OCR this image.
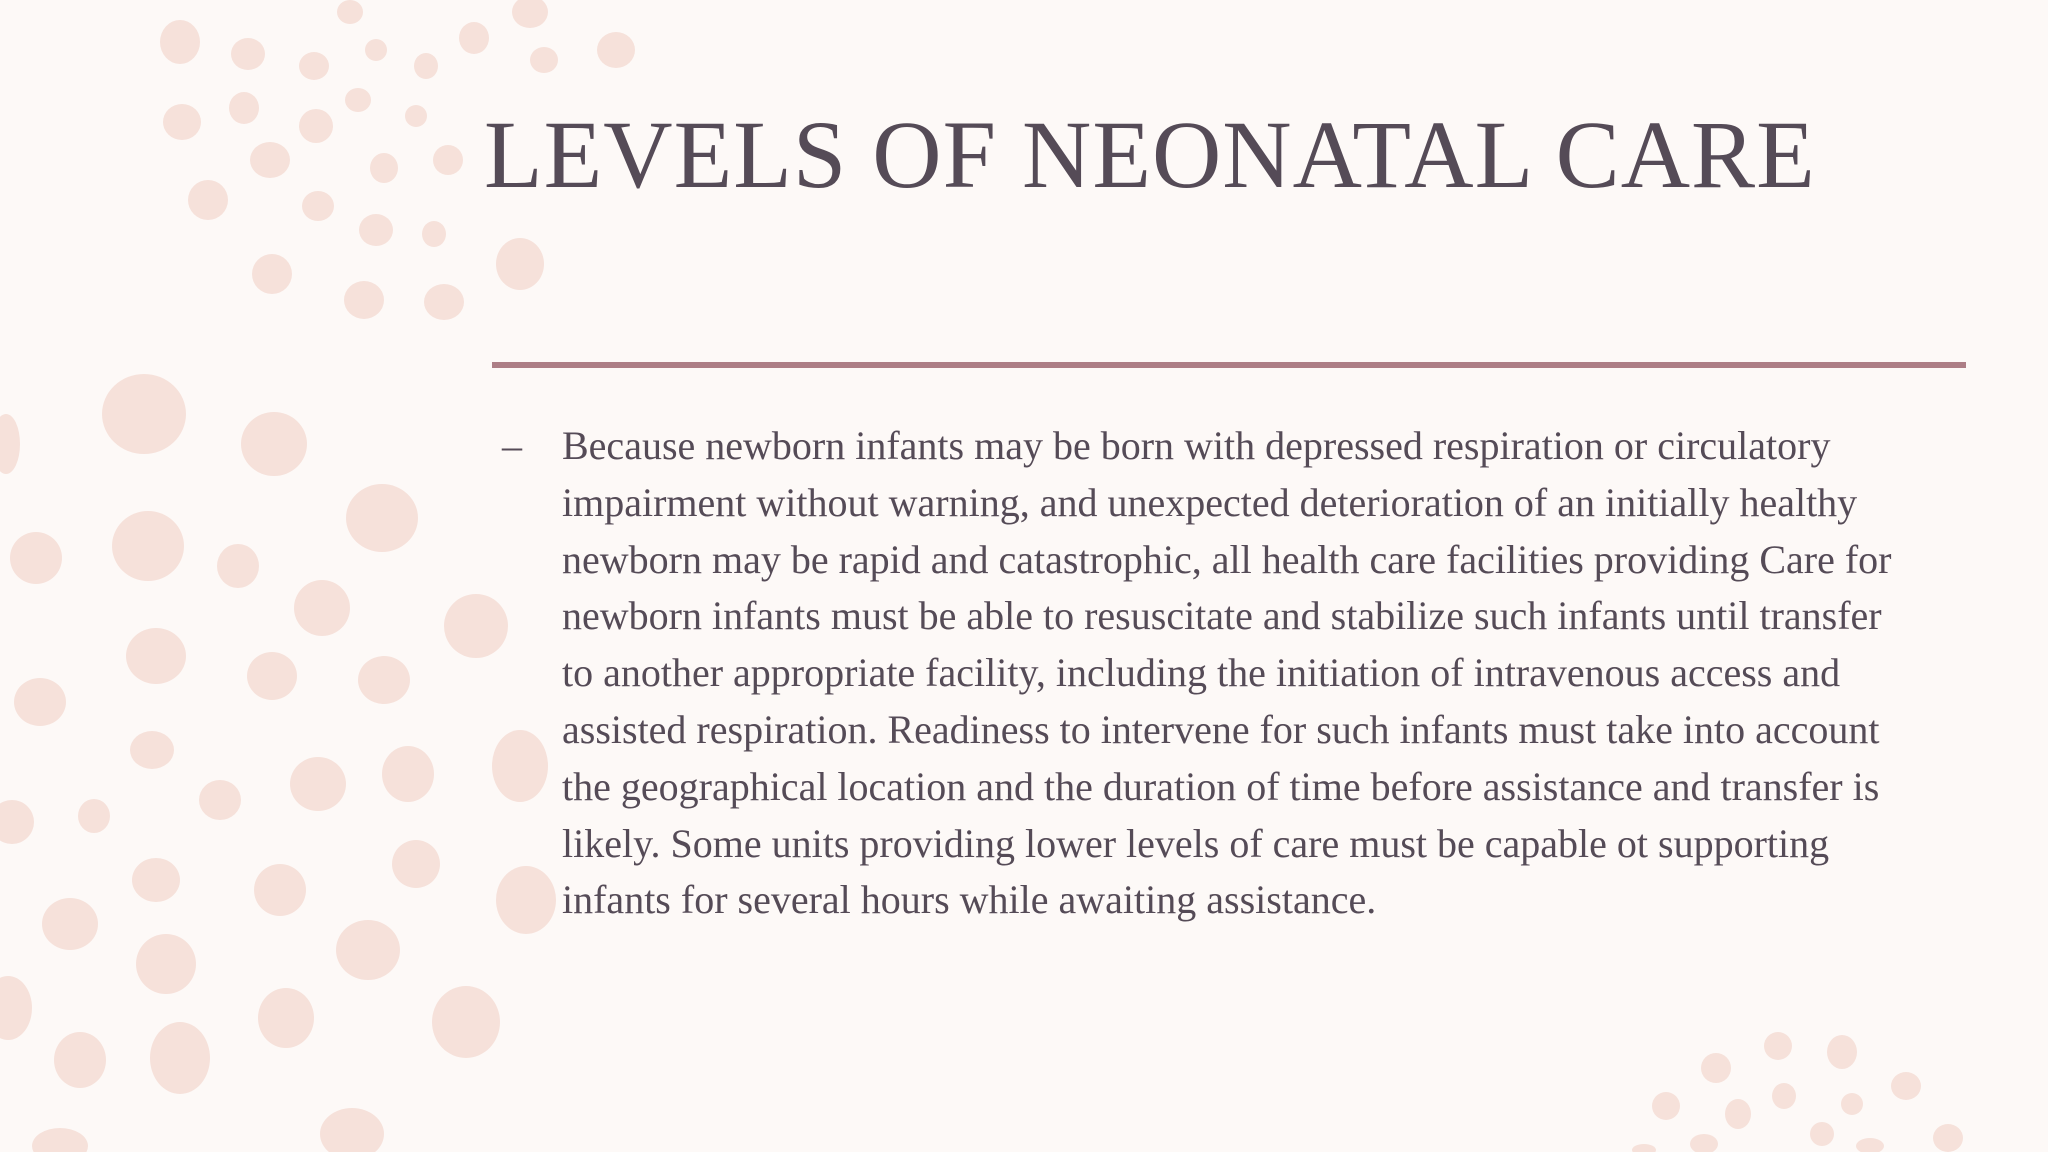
LEVELS OF NEONATAL CARE
–	Because newborn infants may be born with depressed respiration or circulatory
impairment without warning, and unexpected deterioration of an initially healthy
newborn may be rapid and catastrophic, all health care facilities providing Care for
newborn infants must be able to resuscitate and stabilize such infants until transfer
to another appropriate facility, including the initiation of intravenous access and
assisted respiration. Readiness to intervene for such infants must take into account
the geographical location and the duration of time before assistance and transfer is
likely. Some units providing lower levels of care must be capable ot supporting
infants for several hours while awaiting assistance.
